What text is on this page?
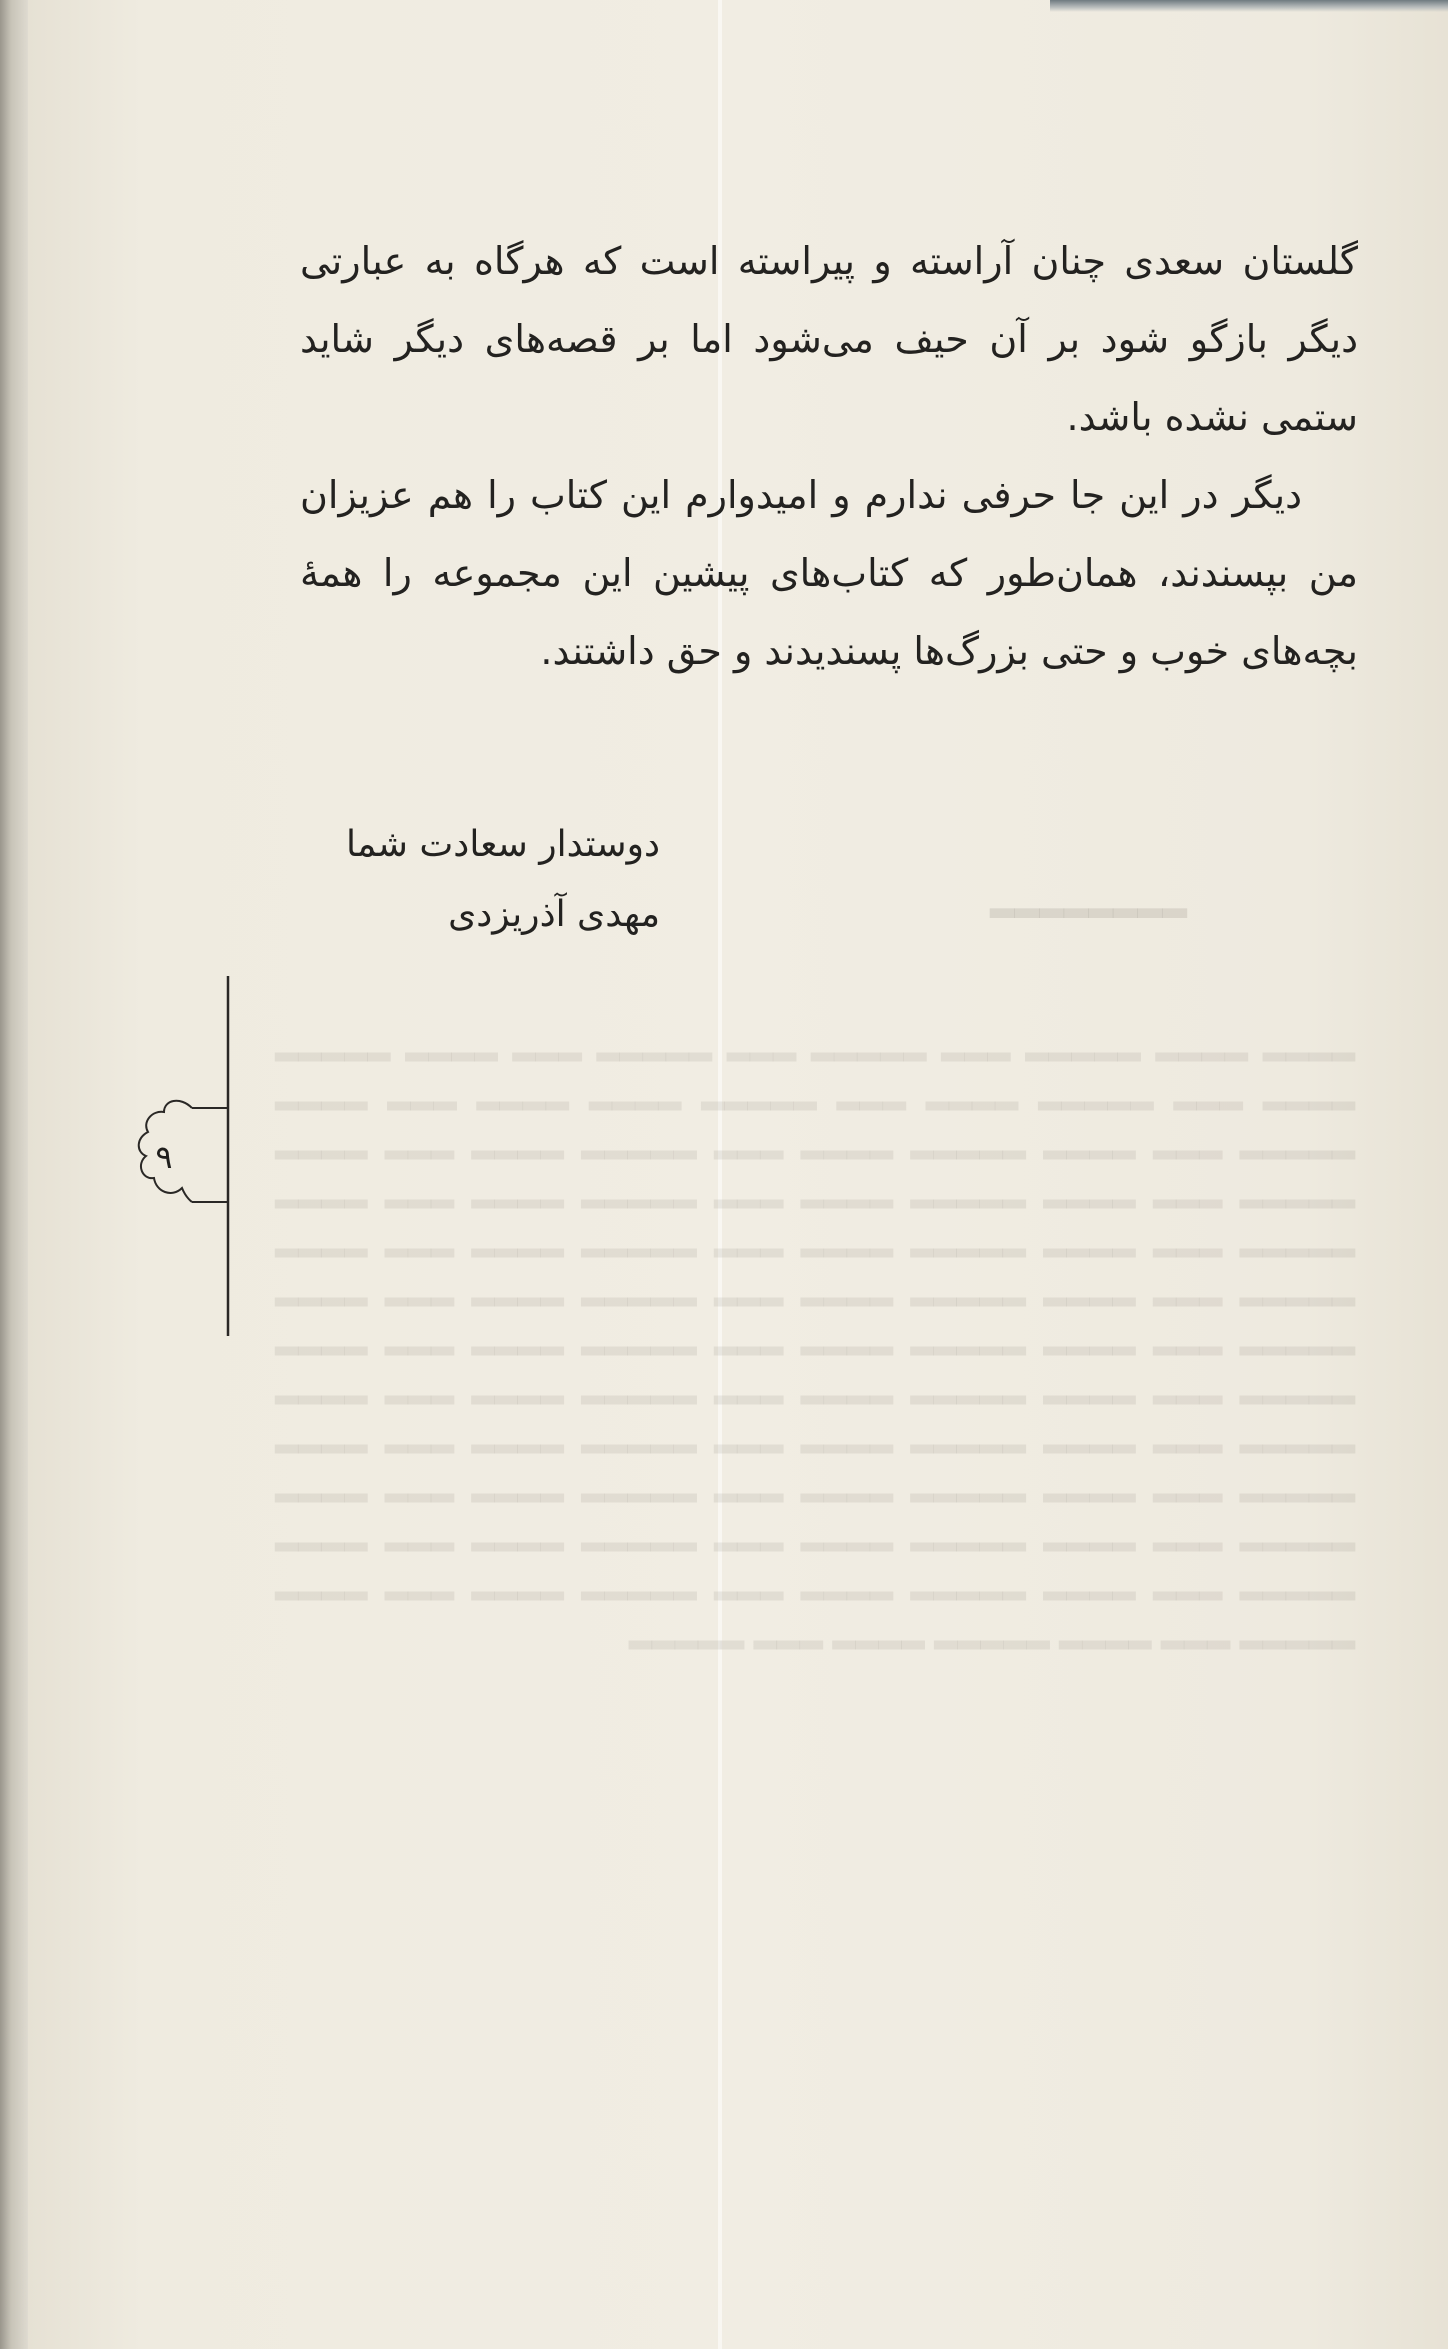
▂▂▂▂▂▂▂▂
▂▂▂▂ ▂▂▂▂ ▂▂▂▂▂ ▂▂▂ ▂▂▂▂▂ ▂▂▂ ▂▂▂▂▂ ▂▂▂ ▂▂▂▂ ▂▂▂▂▂ ▂▂▂▂ ▂▂▂ ▂▂▂▂▂ ▂▂▂▂ ▂▂▂ ▂▂▂▂▂ ▂▂▂▂ ▂▂▂▂ ▂▂▂ ▂▂▂▂ ▂▂▂▂▂ ▂▂▂ ▂▂▂▂ ▂▂▂▂▂ ▂▂▂▂ ▂▂▂ ▂▂▂▂▂ ▂▂▂▂ ▂▂▂ ▂▂▂▂ ▂▂▂▂▂ ▂▂▂ ▂▂▂▂ ▂▂▂▂▂ ▂▂▂▂ ▂▂▂ ▂▂▂▂▂ ▂▂▂▂ ▂▂▂ ▂▂▂▂ ▂▂▂▂▂ ▂▂▂ ▂▂▂▂ ▂▂▂▂▂ ▂▂▂▂ ▂▂▂ ▂▂▂▂▂ ▂▂▂▂ ▂▂▂ ▂▂▂▂ ▂▂▂▂▂ ▂▂▂ ▂▂▂▂ ▂▂▂▂▂ ▂▂▂▂ ▂▂▂ ▂▂▂▂▂ ▂▂▂▂ ▂▂▂ ▂▂▂▂ ▂▂▂▂▂ ▂▂▂ ▂▂▂▂ ▂▂▂▂▂ ▂▂▂▂ ▂▂▂ ▂▂▂▂▂ ▂▂▂▂ ▂▂▂ ▂▂▂▂ ▂▂▂▂▂ ▂▂▂ ▂▂▂▂ ▂▂▂▂▂ ▂▂▂▂ ▂▂▂ ▂▂▂▂▂ ▂▂▂▂ ▂▂▂ ▂▂▂▂ ▂▂▂▂▂ ▂▂▂ ▂▂▂▂ ▂▂▂▂▂ ▂▂▂▂ ▂▂▂ ▂▂▂▂▂ ▂▂▂▂ ▂▂▂ ▂▂▂▂ ▂▂▂▂▂ ▂▂▂ ▂▂▂▂ ▂▂▂▂▂ ▂▂▂▂ ▂▂▂ ▂▂▂▂▂ ▂▂▂▂ ▂▂▂ ▂▂▂▂ ▂▂▂▂▂ ▂▂▂ ▂▂▂▂ ▂▂▂▂▂ ▂▂▂▂ ▂▂▂ ▂▂▂▂▂ ▂▂▂▂ ▂▂▂ ▂▂▂▂ ▂▂▂▂▂ ▂▂▂ ▂▂▂▂ ▂▂▂▂▂ ▂▂▂▂ ▂▂▂ ▂▂▂▂▂ ▂▂▂▂ ▂▂▂ ▂▂▂▂ ▂▂▂▂▂ ▂▂▂ ▂▂▂▂ ▂▂▂▂▂ ▂▂▂▂ ▂▂▂ ▂▂▂▂▂

گلستان سعدی چنان آراسته و پیراسته است که هرگاه به عبارتی دیگر بازگو شود بر آن حیف می‌شود اما بر قصه‌های دیگر شاید ستمی نشده باشد.

دیگر در این جا حرفی ندارم و امیدوارم این کتاب را هم عزیزان من بپسندند، همان‌طور که کتاب‌های پیشین این مجموعه را همهٔ بچه‌های خوب و حتی بزرگ‌ها پسندیدند و حق داشتند.

دوستدار سعادت شما
مهدی آذریزدی
۹
